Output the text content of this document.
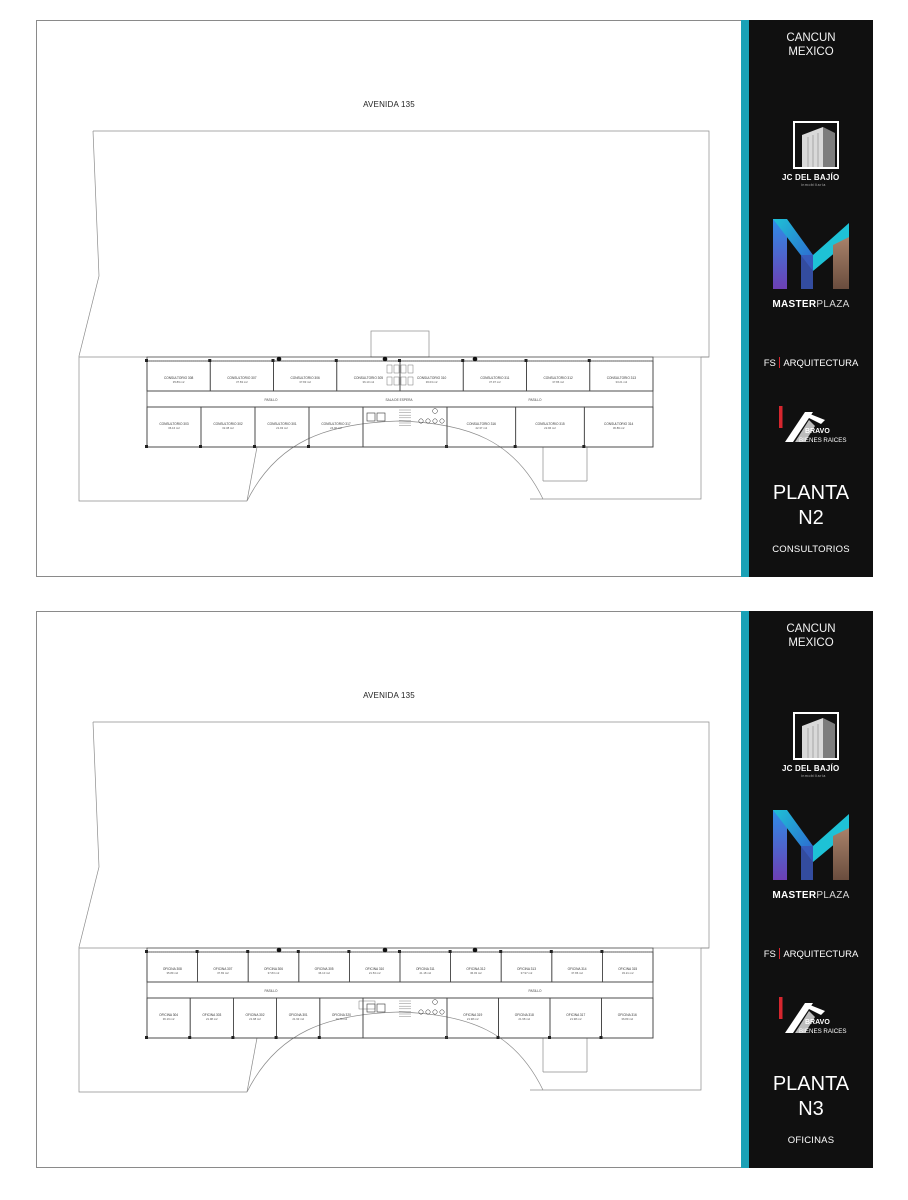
PASILLO	PASILLO
SALA DE ESPERA
CONSULTORIO 308
35.89 m2
CONSULTORIO 307
37.83 m2
CONSULTORIO 306
37.83 m2
CONSULTORIO 305
36.10 m2
CONSULTORIO 310
36.03 m2
CONSULTORIO 311
37.97 m2
CONSULTORIO 312
37.86 m2
CONSULTORIO 313
33.21 m2
CONSULTORIO 303
36.16 m2
CONSULTORIO 302
32.38 m2
CONSULTORIO 301
21.93 m2
CONSULTORIO 317
24.90 m2
CONSULTORIO 316
22.37 m2
CONSULTORIO 315
22.96 m2
CONSULTORIO 314
36.89 m2
AVENIDA 135
CANCUN
MEXICO
JC DEL BAJÍO
inmobiliaria
MASTERPLAZA
FS ARQUITECTURA
BRAVO
BIENES RAICES
PLANTA
N2
CONSULTORIOS
PASILLO	PASILLO
OFICINA 308
35.89 m2
OFICINA 307
37.83 m2
OFICINA 306
37.83 m2
OFICINA 305
36.10 m2
OFICINA 310
21.53 m2
OFICINA 311
21.18 m2
OFICINA 312
36.03 m2
OFICINA 313
37.97 m2
OFICINA 314
37.86 m2
OFICINA 315
33.21 m2
OFICINA 304
36.16 m2
OFICINA 303
21.98 m2
OFICINA 302
21.98 m2
OFICINA 301
21.93 m2
OFICINA 320
20.78 m2
OFICINA 319
21.98 m2
OFICINA 318
21.98 m2
OFICINA 317
21.98 m2
OFICINA 316
36.89 m2
AVENIDA 135
CANCUN
MEXICO
JC DEL BAJÍO
inmobiliaria
MASTERPLAZA
FS ARQUITECTURA
BRAVO
BIENES RAICES
PLANTA
N3
OFICINAS
